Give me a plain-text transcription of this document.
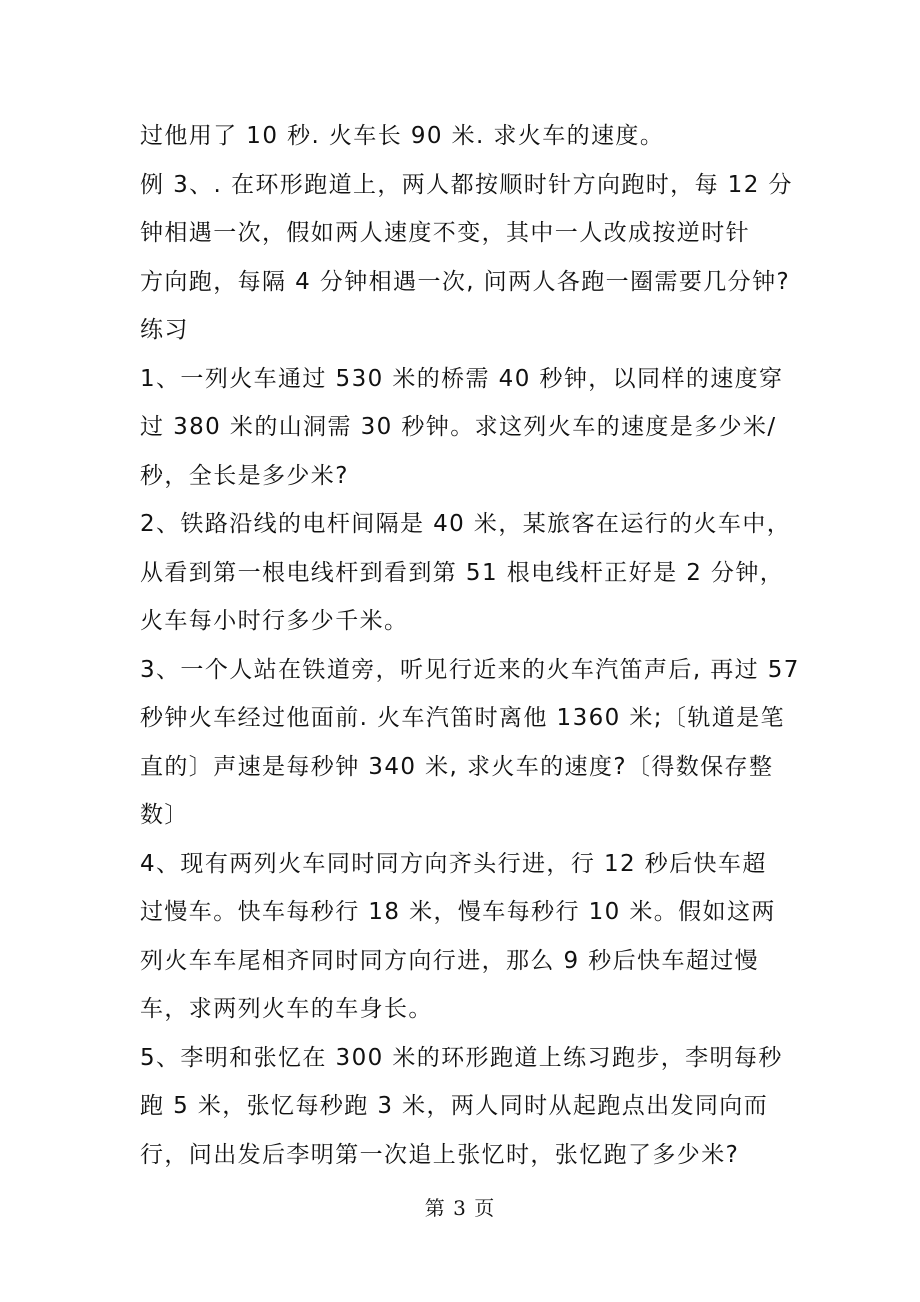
过他用了 10 秒. 火车长 90 米. 求火车的速度。
例 3、. 在环形跑道上，两人都按顺时针方向跑时，每 12 分
钟相遇一次，假如两人速度不变，其中一人改成按逆时针
方向跑，每隔 4 分钟相遇一次, 问两人各跑一圈需要几分钟?
练习
1、一列火车通过 530 米的桥需 40 秒钟，以同样的速度穿
过 380 米的山洞需 30 秒钟。求这列火车的速度是多少米/
秒，全长是多少米?
2、铁路沿线的电杆间隔是 40 米，某旅客在运行的火车中，
从看到第一根电线杆到看到第 51 根电线杆正好是 2 分钟，
火车每小时行多少千米。
3、一个人站在铁道旁，听见行近来的火车汽笛声后, 再过 57
秒钟火车经过他面前. 火车汽笛时离他 1360 米;〔轨道是笔
直的〕声速是每秒钟 340 米, 求火车的速度?〔得数保存整
数〕
4、现有两列火车同时同方向齐头行进，行 12 秒后快车超
过慢车。快车每秒行 18 米，慢车每秒行 10 米。假如这两
列火车车尾相齐同时同方向行进，那么 9 秒后快车超过慢
车，求两列火车的车身长。
5、李明和张忆在 300 米的环形跑道上练习跑步，李明每秒
跑 5 米，张忆每秒跑 3 米，两人同时从起跑点出发同向而
行，问出发后李明第一次追上张忆时，张忆跑了多少米?
第 3 页
